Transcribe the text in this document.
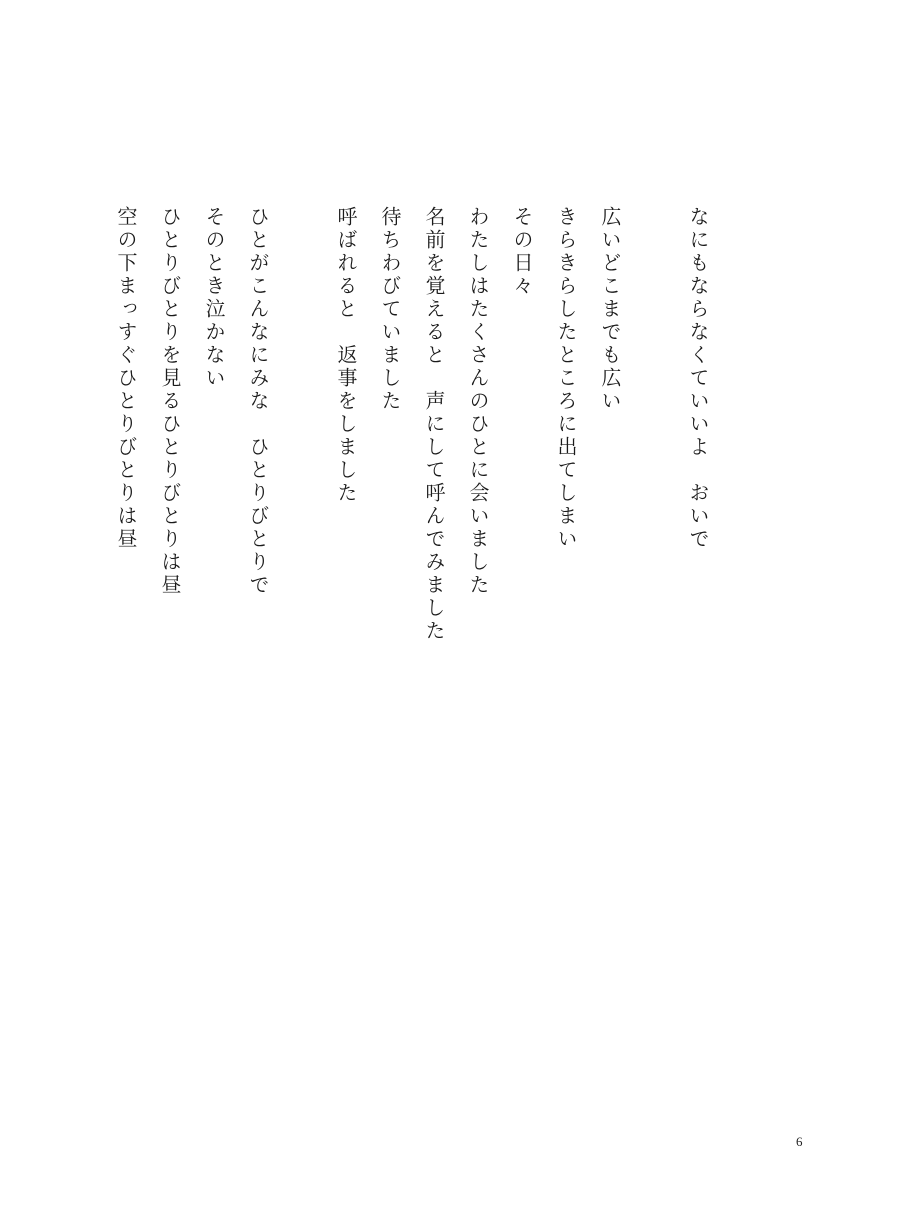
なにもならなくていいよ　おいで
広いどこまでも広い
きらきらしたところに出てしまい
その日々
わたしはたくさんのひとに会いました
名前を覚えると　声にして呼んでみました
待ちわびていました
呼ばれると　返事をしました
ひとがこんなにみな　ひとりびとりで
そのとき泣かない
ひとりびとりを見るひとりびとりは昼
空の下まっすぐひとりびとりは昼
6
